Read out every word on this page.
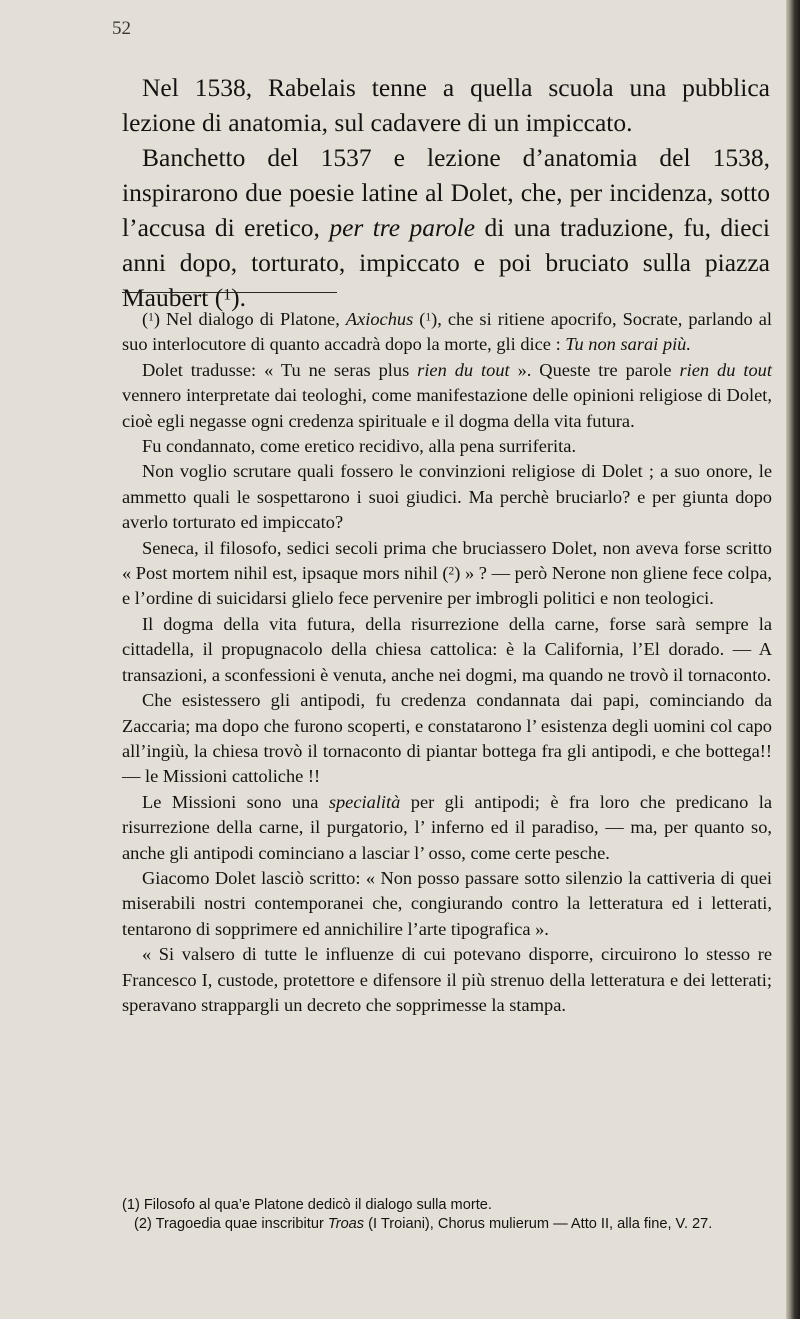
52

Nel 1538, Rabelais tenne a quella scuola una pubblica lezione di anatomia, sul cadavere di un impiccato.

Banchetto del 1537 e lezione d’anatomia del 1538, inspirarono due poesie latine al Dolet, che, per incidenza, sotto l’accusa di eretico, per tre parole di una traduzione, fu, dieci anni dopo, torturato, impiccato e poi bruciato sulla piazza Maubert ($^1$).

($^1$) Nel dialogo di Platone, Axiochus ($^1$), che si ritiene apocrifo, Socrate, parlando al suo interlocutore di quanto accadrà dopo la morte, gli dice : Tu non sarai più.

Dolet tradusse: « Tu ne seras plus rien du tout ». Queste tre parole rien du tout vennero interpretate dai teologhi, come manifestazione delle opinioni religiose di Dolet, cioè egli negasse ogni credenza spirituale e il dogma della vita futura.

Fu condannato, come eretico recidivo, alla pena surriferita.

Non voglio scrutare quali fossero le convinzioni religiose di Dolet ; a suo onore, le ammetto quali le sospettarono i suoi giudici. Ma perchè bruciarlo? e per giunta dopo averlo torturato ed impiccato?

Seneca, il filosofo, sedici secoli prima che bruciassero Dolet, non aveva forse scritto « Post mortem nihil est, ipsaque mors nihil ($^2$) » ? — però Nerone non gliene fece colpa, e l’ordine di suicidarsi glielo fece pervenire per imbrogli politici e non teologici.

Il dogma della vita futura, della risurrezione della carne, forse sarà sempre la cittadella, il propugnacolo della chiesa cattolica: è la California, l’El dorado. — A transazioni, a sconfessioni è venuta, anche nei dogmi, ma quando ne trovò il tornaconto.

Che esistessero gli antipodi, fu credenza condannata dai papi, cominciando da Zaccaria; ma dopo che furono scoperti, e constatarono l’ esistenza degli uomini col capo all’ingiù, la chiesa trovò il tornaconto di piantar bottega fra gli antipodi, e che bottega!! — le Missioni cattoliche !!

Le Missioni sono una specialità per gli antipodi; è fra loro che predicano la risurrezione della carne, il purgatorio, l’ inferno ed il paradiso, — ma, per quanto so, anche gli antipodi cominciano a lasciar l’ osso, come certe pesche.

Giacomo Dolet lasciò scritto: « Non posso passare sotto silenzio la cattiveria di quei miserabili nostri contemporanei che, congiurando contro la letteratura ed i letterati, tentarono di sopprimere ed annichilire l’arte tipografica ».

« Si valsero di tutte le influenze di cui potevano disporre, circuirono lo stesso re Francesco I, custode, protettore e difensore il più strenuo della letteratura e dei letterati; speravano strappargli un decreto che sopprimesse la stampa.

(1) Filosofo al qua’e Platone dedicò il dialogo sulla morte.

(2) Tragoedia quae inscribitur Troas (I Troiani), Chorus mulierum — Atto II, alla fine, V. 27.
